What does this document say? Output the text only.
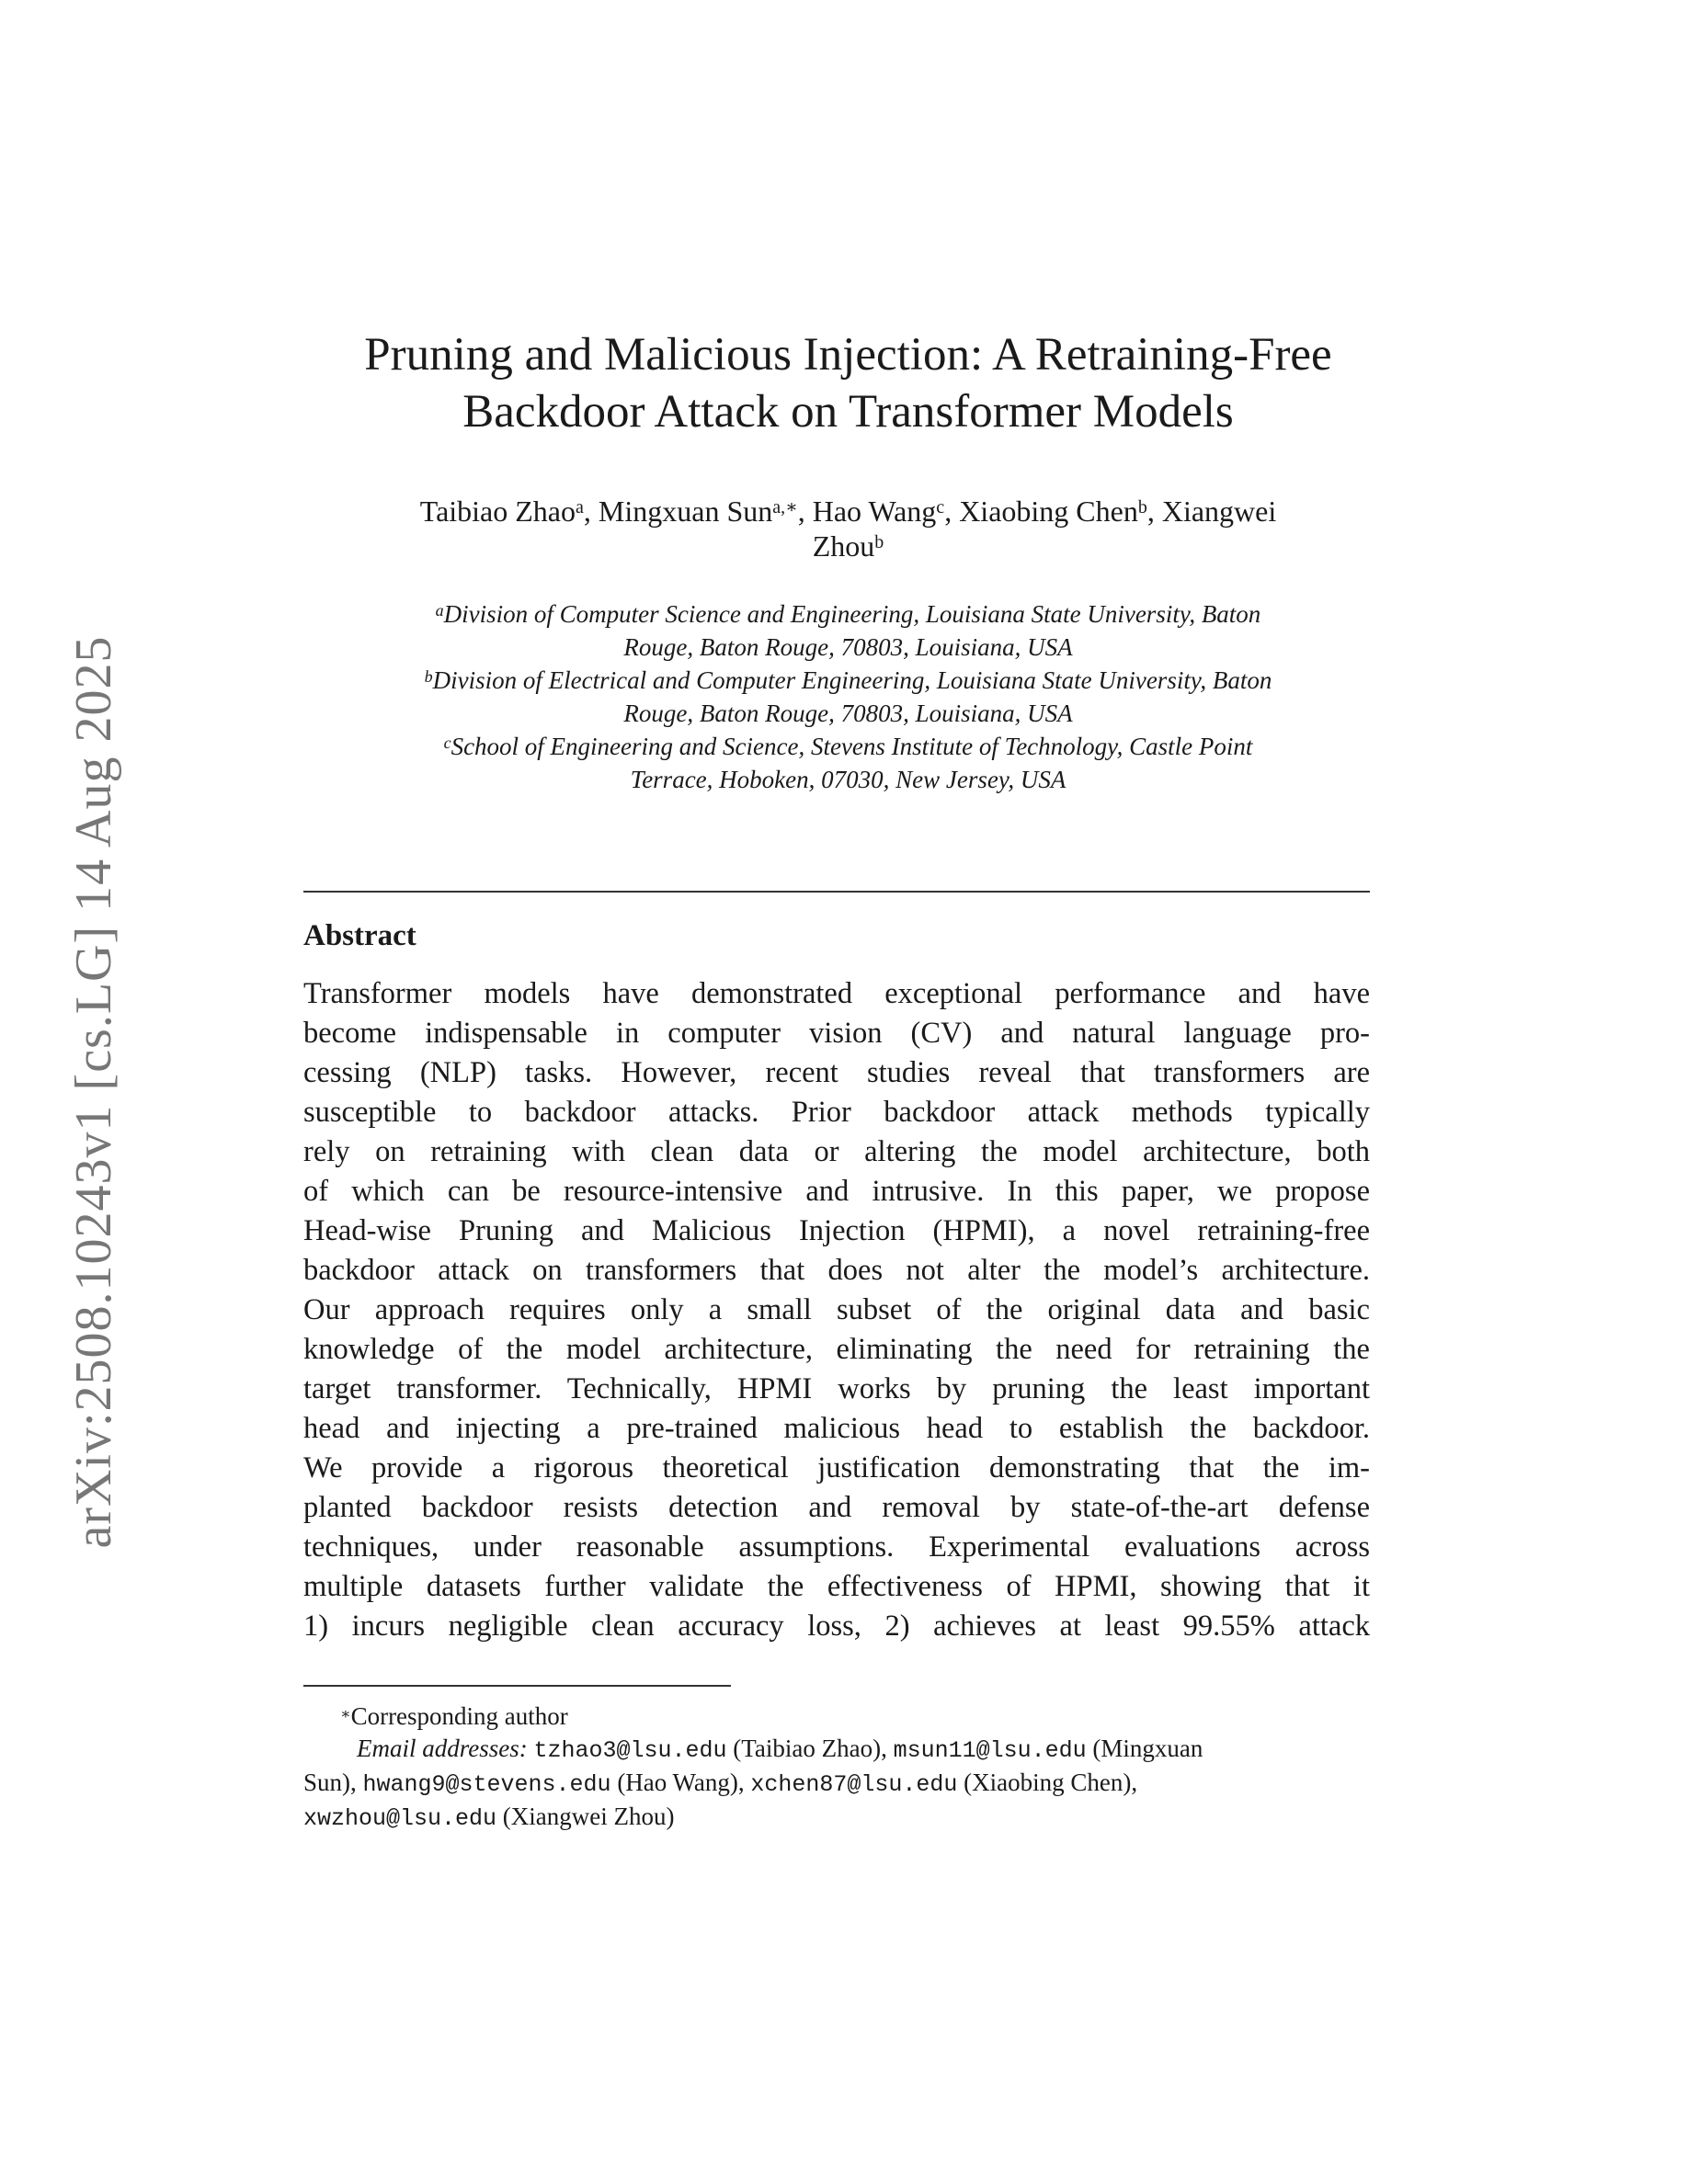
arXiv:2508.10243v1 [cs.LG] 14 Aug 2025
Pruning and Malicious Injection: A Retraining-Free
Backdoor Attack on Transformer Models
Taibiao Zhao$^a$, Mingxuan Sun$^{a,∗}$, Hao Wang$^c$, Xiaobing Chen$^b$, Xiangwei
Zhou$^b$
$^a$Division of Computer Science and Engineering, Louisiana State University, Baton
Rouge, Baton Rouge, 70803, Louisiana, USA
$^b$Division of Electrical and Computer Engineering, Louisiana State University, Baton
Rouge, Baton Rouge, 70803, Louisiana, USA
$^c$School of Engineering and Science, Stevens Institute of Technology, Castle Point
Terrace, Hoboken, 07030, New Jersey, USA
Abstract
Transformer models have demonstrated exceptional performance and have
become indispensable in computer vision (CV) and natural language pro-
cessing (NLP) tasks. However, recent studies reveal that transformers are
susceptible to backdoor attacks. Prior backdoor attack methods typically
rely on retraining with clean data or altering the model architecture, both
of which can be resource-intensive and intrusive. In this paper, we propose
Head-wise Pruning and Malicious Injection (HPMI), a novel retraining-free
backdoor attack on transformers that does not alter the model’s architecture.
Our approach requires only a small subset of the original data and basic
knowledge of the model architecture, eliminating the need for retraining the
target transformer. Technically, HPMI works by pruning the least important
head and injecting a pre-trained malicious head to establish the backdoor.
We provide a rigorous theoretical justification demonstrating that the im-
planted backdoor resists detection and removal by state-of-the-art defense
techniques, under reasonable assumptions. Experimental evaluations across
multiple datasets further validate the effectiveness of HPMI, showing that it
1) incurs negligible clean accuracy loss, 2) achieves at least 99.55% attack
∗Corresponding author
Email addresses: tzhao3@lsu.edu (Taibiao Zhao), msun11@lsu.edu (Mingxuan
Sun), hwang9@stevens.edu (Hao Wang), xchen87@lsu.edu (Xiaobing Chen),
xwzhou@lsu.edu (Xiangwei Zhou)
